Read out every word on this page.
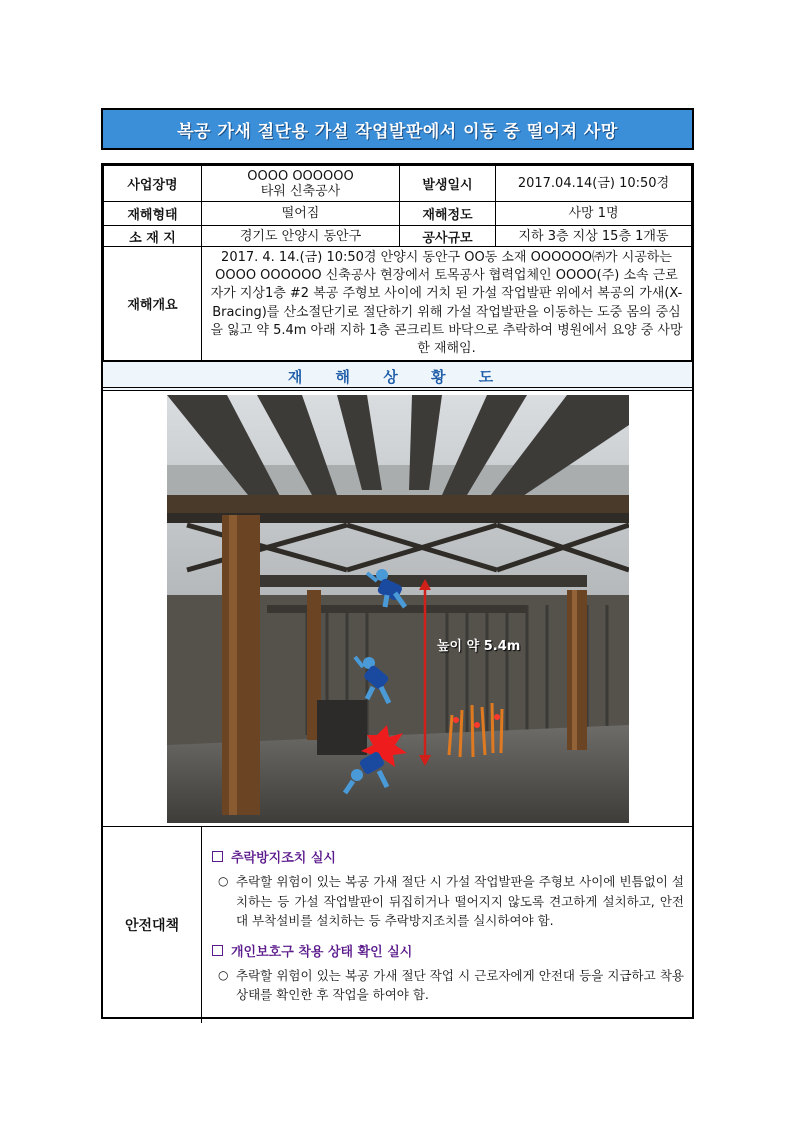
복공 가새 절단용 가설 작업발판에서 이동 중 떨어져 사망
사업장명	OOOO OOOOOO타워 신축공사	발생일시	2017.04.14(금) 10:50경
재해형태	떨어짐	재해정도	사망 1명
소 재 지	경기도 안양시 동안구	공사규모	지하 3층 지상 15층 1개동
재해개요	2017. 4. 14.(금) 10:50경 안양시 동안구 OO동 소재 OOOOOO㈜가 시공하는 OOOO OOOOOO 신축공사 현장에서 토목공사 협력업체인 OOOO(주) 소속 근로자가 지상1층 #2 복공 주형보 사이에 거치 된 가설 작업발판 위에서 복공의 가새(X-Bracing)를 산소절단기로 절단하기 위해 가설 작업발판을 이동하는 도중 몸의 중심을 잃고 약 5.4m 아래 지하 1층 콘크리트 바닥으로 추락하여 병원에서 요양 중 사망한 재해임.		
재 해 상 황 도
높이 약 5.4m
안전대책
추락방지조치 실시
○ 추락할 위험이 있는 복공 가새 절단 시 가설 작업발판을 주형보 사이에 빈틈없이 설치하는 등 가설 작업발판이 뒤집히거나 떨어지지 않도록 견고하게 설치하고, 안전대 부착설비를 설치하는 등 추락방지조치를 실시하여야 함.
개인보호구 착용 상태 확인 실시
○ 추락할 위험이 있는 복공 가새 절단 작업 시 근로자에게 안전대 등을 지급하고 착용 상태를 확인한 후 작업을 하여야 함.
